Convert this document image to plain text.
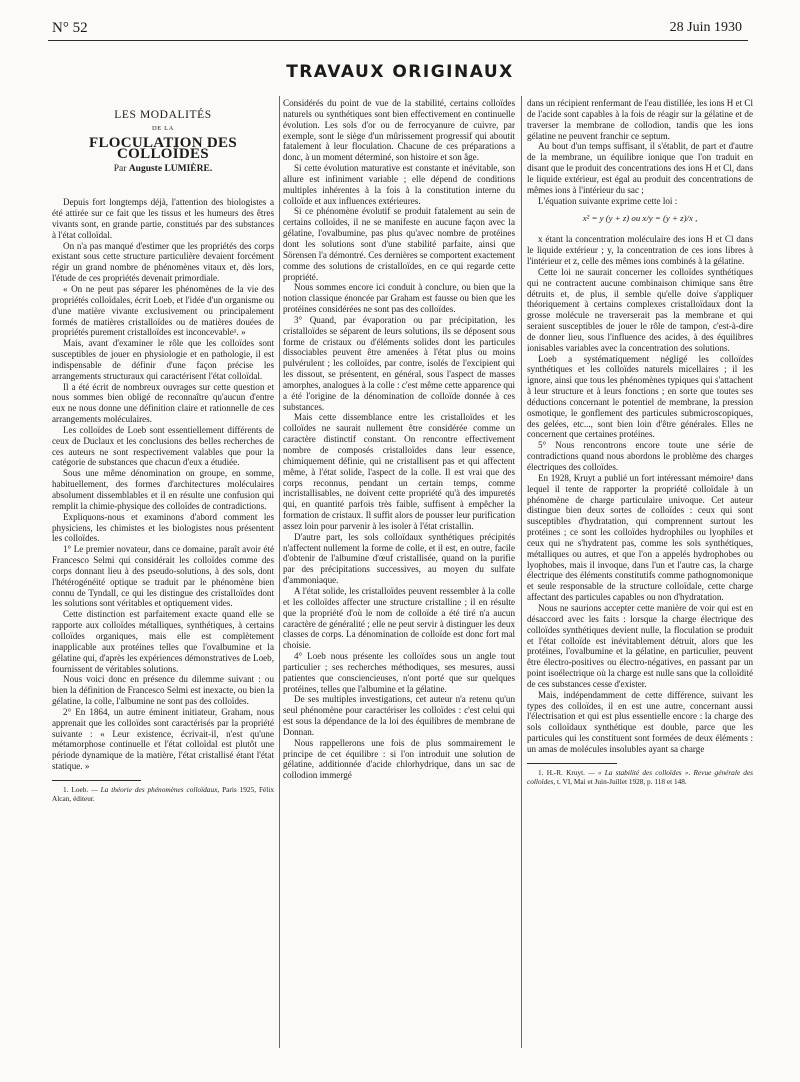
N° 52	28 Juin 1930
TRAVAUX ORIGINAUX
LES MODALITÉS
DE LA
FLOCULATION DES COLLOÏDES
Par Auguste LUMIÈRE.

Depuis fort longtemps déjà, l'attention des biologistes a été attirée sur ce fait que les tissus et les humeurs des êtres vivants sont, en grande partie, constitués par des substances à l'état colloïdal.

On n'a pas manqué d'estimer que les propriétés des corps existant sous cette structure particulière devaient forcément régir un grand nombre de phénomènes vitaux et, dès lors, l'étude de ces propriétés devenait primordiale.

« On ne peut pas séparer les phénomènes de la vie des propriétés colloïdales, écrit Loeb, et l'idée d'un organisme ou d'une matière vivante exclusivement ou principalement formés de matières cristalloïdes ou de matières douées de propriétés purement cristalloïdes est inconcevable¹. »

Mais, avant d'examiner le rôle que les colloïdes sont susceptibles de jouer en physiologie et en pathologie, il est indispensable de définir d'une façon précise les arrangements structuraux qui caractérisent l'état colloïdal.

Il a été écrit de nombreux ouvrages sur cette question et nous sommes bien obligé de reconnaître qu'aucun d'entre eux ne nous donne une définition claire et rationnelle de ces arrangements moléculaires.

Les colloïdes de Loeb sont essentiellement différents de ceux de Duclaux et les conclusions des belles recherches de ces auteurs ne sont respectivement valables que pour la catégorie de substances que chacun d'eux a étudiée.

Sous une même dénomination on groupe, en somme, habituellement, des formes d'architectures moléculaires absolument dissemblables et il en résulte une confusion qui remplit la chimie-physique des colloïdes de contradictions.

Expliquons-nous et examinons d'abord comment les physiciens, les chimistes et les biologistes nous présentent les colloïdes.

1° Le premier novateur, dans ce domaine, paraît avoir été Francesco Selmi qui considérait les colloïdes comme des corps donnant lieu à des pseudo-solutions, à des sols, dont l'hétérogénéité optique se traduit par le phénomène bien connu de Tyndall, ce qui les distingue des cristalloïdes dont les solutions sont véritables et optiquement vides.

Cette distinction est parfaitement exacte quand elle se rapporte aux colloïdes métalliques, synthétiques, à certains colloïdes organiques, mais elle est complètement inapplicable aux protéines telles que l'ovalbumine et la gélatine qui, d'après les expériences démonstratives de Loeb, fournissent de véritables solutions.

Nous voici donc en présence du dilemme suivant : ou bien la définition de Francesco Selmi est inexacte, ou bien la gélatine, la colle, l'albumine ne sont pas des colloïdes.

2° En 1864, un autre éminent initiateur, Graham, nous apprenait que les colloïdes sont caractérisés par la propriété suivante : « Leur existence, écrivait-il, n'est qu'une métamorphose continuelle et l'état colloïdal est plutôt une période dynamique de la matière, l'état cristallisé étant l'état statique. »

1. Loeb. — La théorie des phénomènes colloïdaux, Paris 1925, Félix Alcan, éditeur.

Considérés du point de vue de la stabilité, certains colloïdes naturels ou synthétiques sont bien effectivement en continuelle évolution. Les sols d'or ou de ferrocyanure de cuivre, par exemple, sont le siège d'un mûrissement progressif qui aboutit fatalement à leur floculation. Chacune de ces préparations a donc, à un moment déterminé, son histoire et son âge.

Si cette évolution maturative est constante et inévitable, son allure est infiniment variable ; elle dépend de conditions multiples inhérentes à la fois à la constitution interne du colloïde et aux influences extérieures.

Si ce phénomène évolutif se produit fatalement au sein de certains colloïdes, il ne se manifeste en aucune façon avec la gélatine, l'ovalbumine, pas plus qu'avec nombre de protéines dont les solutions sont d'une stabilité parfaite, ainsi que Sörensen l'a démontré. Ces dernières se comportent exactement comme des solutions de cristalloïdes, en ce qui regarde cette propriété.

Nous sommes encore ici conduit à conclure, ou bien que la notion classique énoncée par Graham est fausse ou bien que les protéines considérées ne sont pas des colloïdes.

3° Quand, par évaporation ou par précipitation, les cristalloïdes se séparent de leurs solutions, ils se déposent sous forme de cristaux ou d'éléments solides dont les particules dissociables peuvent être amenées à l'état plus ou moins pulvérulent ; les colloïdes, par contre, isolés de l'excipient qui les dissout, se présentent, en général, sous l'aspect de masses amorphes, analogues à la colle : c'est même cette apparence qui a été l'origine de la dénomination de colloïde donnée à ces substances.

Mais cette dissemblance entre les cristalloïdes et les colloïdes ne saurait nullement être considérée comme un caractère distinctif constant. On rencontre effectivement nombre de composés cristalloïdes dans leur essence, chimiquement définie, qui ne cristallisent pas et qui affectent même, à l'état solide, l'aspect de la colle. Il est vrai que des corps reconnus, pendant un certain temps, comme incristallisables, ne doivent cette propriété qu'à des impuretés qui, en quantité parfois très faible, suffisent à empêcher la formation de cristaux. Il suffit alors de pousser leur purification assez loin pour parvenir à les isoler à l'état cristallin.

D'autre part, les sols colloïdaux synthétiques précipités n'affectent nullement la forme de colle, et il est, en outre, facile d'obtenir de l'albumine d'œuf cristallisée, quand on la purifie par des précipitations successives, au moyen du sulfate d'ammoniaque.

A l'état solide, les cristalloïdes peuvent ressembler à la colle et les colloïdes affecter une structure cristalline ; il en résulte que la propriété d'où le nom de colloïde a été tiré n'a aucun caractère de généralité ; elle ne peut servir à distinguer les deux classes de corps. La dénomination de colloïde est donc fort mal choisie.

4° Loeb nous présente les colloïdes sous un angle tout particulier ; ses recherches méthodiques, ses mesures, aussi patientes que consciencieuses, n'ont porté que sur quelques protéines, telles que l'albumine et la gélatine.

De ses multiples investigations, cet auteur n'a retenu qu'un seul phénomène pour caractériser les colloïdes : c'est celui qui est sous la dépendance de la loi des équilibres de membrane de Donnan.

Nous rappellerons une fois de plus sommairement le principe de cet équilibre : si l'on introduit une solution de gélatine, additionnée d'acide chlorhydrique, dans un sac de collodion immergé

dans un récipient renfermant de l'eau distillée, les ions H et Cl de l'acide sont capables à la fois de réagir sur la gélatine et de traverser la membrane de collodion, tandis que les ions gélatine ne peuvent franchir ce septum.

Au bout d'un temps suffisant, il s'établit, de part et d'autre de la membrane, un équilibre ionique que l'on traduit en disant que le produit des concentrations des ions H et Cl, dans le liquide extérieur, est égal au produit des concentrations de mêmes ions à l'intérieur du sac ;

L'équation suivante exprime cette loi :

x² = y (y + z) ou x/y = (y + z)/x ,

x étant la concentration moléculaire des ions H et Cl dans le liquide extérieur ; y, la concentration de ces ions libres à l'intérieur et z, celle des mêmes ions combinés à la gélatine.

Cette loi ne saurait concerner les colloïdes synthétiques qui ne contractent aucune combinaison chimique sans être détruits et, de plus, il semble qu'elle doive s'appliquer théoriquement à certains complexes cristalloïdaux dont la grosse molécule ne traverserait pas la membrane et qui seraient susceptibles de jouer le rôle de tampon, c'est-à-dire de donner lieu, sous l'influence des acides, à des équilibres ionisables variables avec la concentration des solutions.

Loeb a systématiquement négligé les colloïdes synthétiques et les colloïdes naturels micellaires ; il les ignore, ainsi que tous les phénomènes typiques qui s'attachent à leur structure et à leurs fonctions ; en sorte que toutes ses déductions concernant le potentiel de membrane, la pression osmotique, le gonflement des particules submicroscopiques, des gelées, etc..., sont bien loin d'être générales. Elles ne concernent que certaines protéines.

5° Nous rencontrons encore toute une série de contradictions quand nous abordons le problème des charges électriques des colloïdes.

En 1928, Kruyt a publié un fort intéressant mémoire¹ dans lequel il tente de rapporter la propriété colloïdale à un phénomène de charge particulaire univoque. Cet auteur distingue bien deux sortes de colloïdes : ceux qui sont susceptibles d'hydratation, qui comprennent surtout les protéines ; ce sont les colloïdes hydrophiles ou lyophiles et ceux qui ne s'hydratent pas, comme les sols synthétiques, métalliques ou autres, et que l'on a appelés hydrophobes ou lyophobes, mais il invoque, dans l'un et l'autre cas, la charge électrique des éléments constitutifs comme pathognomonique et seule responsable de la structure colloïdale, cette charge affectant des particules capables ou non d'hydratation.

Nous ne saurions accepter cette manière de voir qui est en désaccord avec les faits : lorsque la charge électrique des colloïdes synthétiques devient nulle, la floculation se produit et l'état colloïde est inévitablement détruit, alors que les protéines, l'ovalbumine et la gélatine, en particulier, peuvent être électro-positives ou électro-négatives, en passant par un point isoélectrique où la charge est nulle sans que la colloïdité de ces substances cesse d'exister.

Mais, indépendamment de cette différence, suivant les types des colloïdes, il en est une autre, concernant aussi l'électrisation et qui est plus essentielle encore : la charge des sols colloïdaux synthétique est double, parce que les particules qui les constituent sont formées de deux éléments : un amas de molécules insolubles ayant sa charge

1. H.-R. Kruyt. — « La stabilité des colloïdes ». Revue générale des colloïdes, t. VI, Mai et Juin-Juillet 1928, p. 118 et 148.
